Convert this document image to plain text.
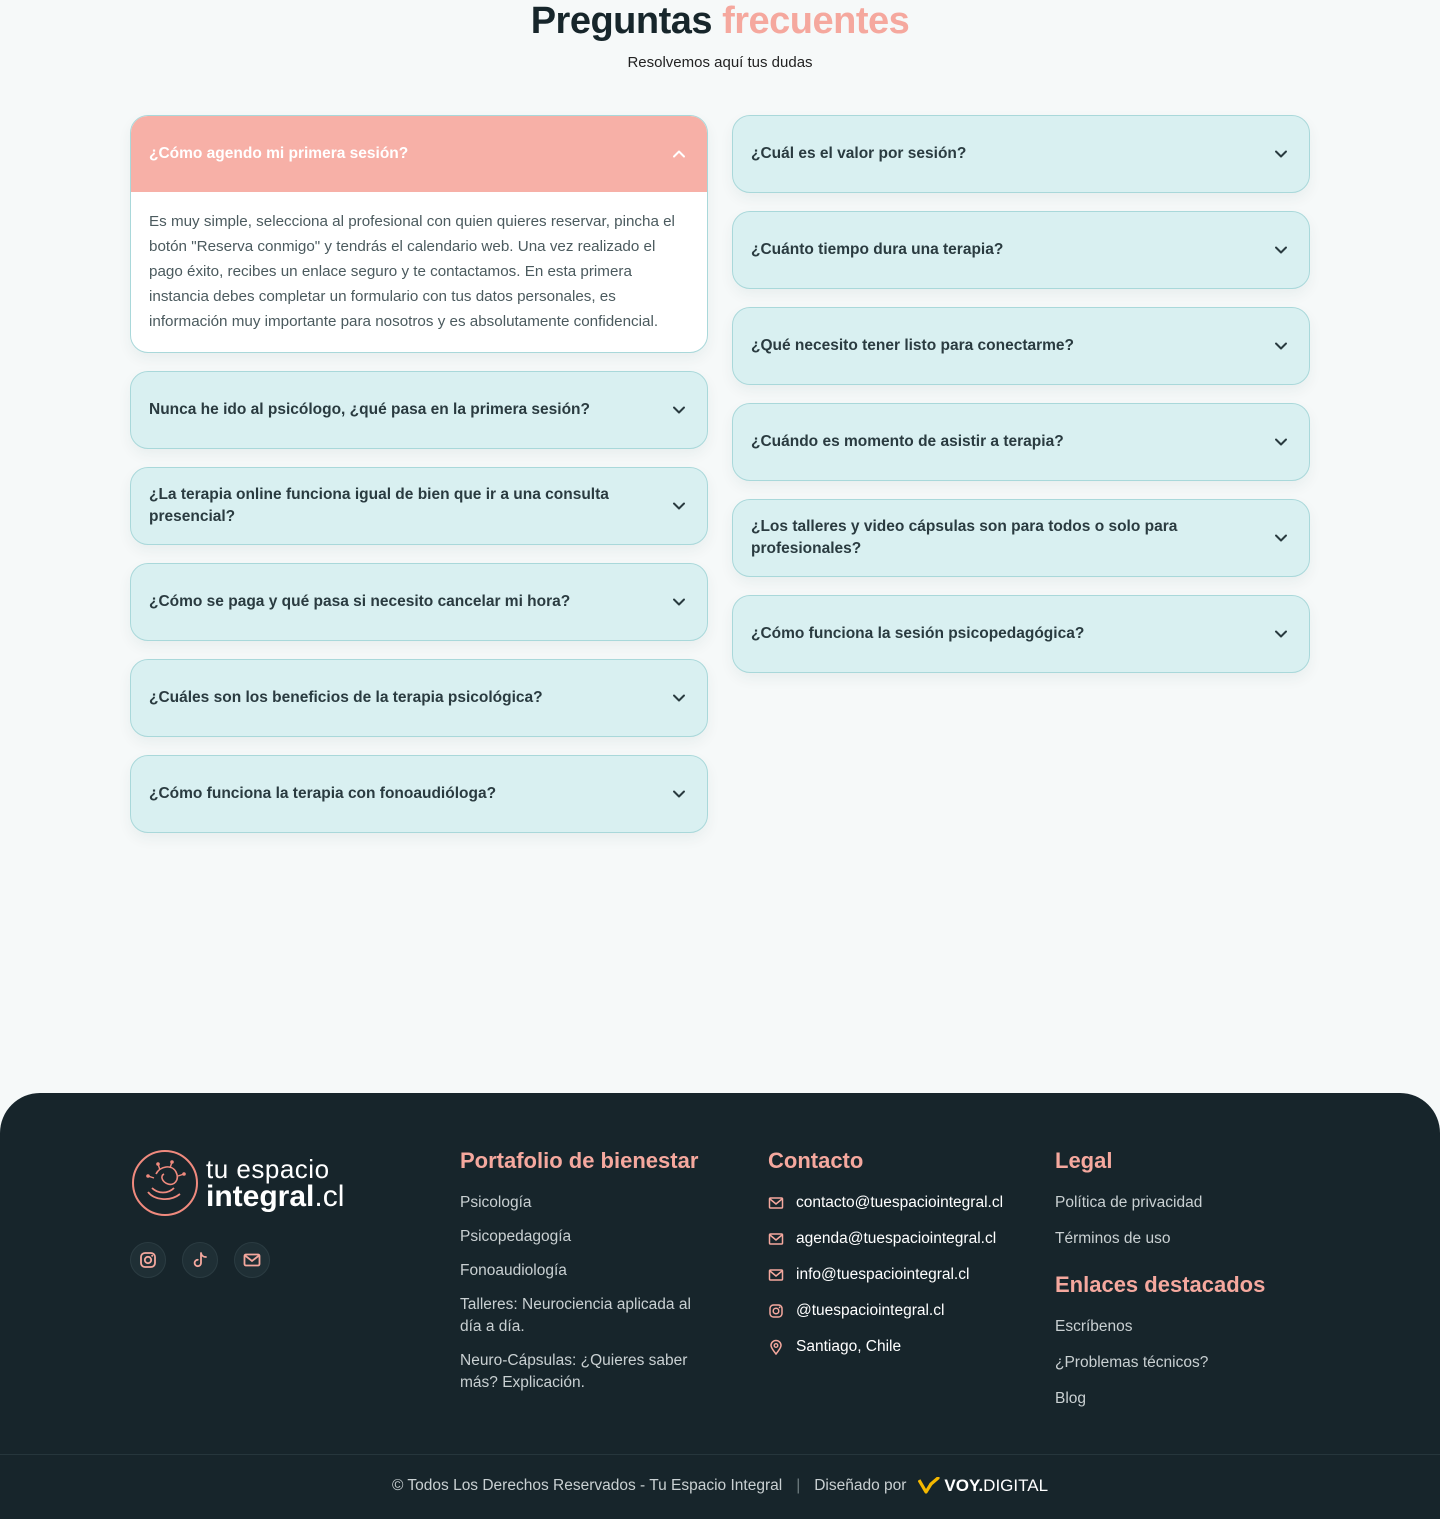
Preguntas frecuentes

Resolvemos aquí tus dudas

¿Cómo agendo mi primera sesión?
Es muy simple, selecciona al profesional con quien quieres reservar, pincha el botón "Reserva conmigo" y tendrás el calendario web. Una vez realizado el pago éxito, recibes un enlace seguro y te contactamos. En esta primera instancia debes completar un formulario con tus datos personales, es información muy importante para nosotros y es absolutamente confidencial.
Nunca he ido al psicólogo, ¿qué pasa en la primera sesión?
¿La terapia online funciona igual de bien que ir a una consulta presencial?
¿Cómo se paga y qué pasa si necesito cancelar mi hora?
¿Cuáles son los beneficios de la terapia psicológica?
¿Cómo funciona la terapia con fonoaudióloga?
¿Cuál es el valor por sesión?
¿Cuánto tiempo dura una terapia?
¿Qué necesito tener listo para conectarme?
¿Cuándo es momento de asistir a terapia?
¿Los talleres y video cápsulas son para todos o solo para profesionales?
¿Cómo funciona la sesión psicopedagógica?
tu espacio
integral.cl
Portafolio de bienestar
Psicología
Psicopedagogía
Fonoaudiología
Talleres: Neurociencia aplicada al día a día.
Neuro-Cápsulas: ¿Quieres saber más? Explicación.
Contacto
contacto@tuespaciointegral.cl
agenda@tuespaciointegral.cl
info@tuespaciointegral.cl
@tuespaciointegral.cl
Santiago, Chile
Legal
Política de privacidad
Términos de uso
Enlaces destacados
Escríbenos
¿Problemas técnicos?
Blog
© Todos Los Derechos Reservados - Tu Espacio Integral | Diseñado por VOY. DIGITAL
